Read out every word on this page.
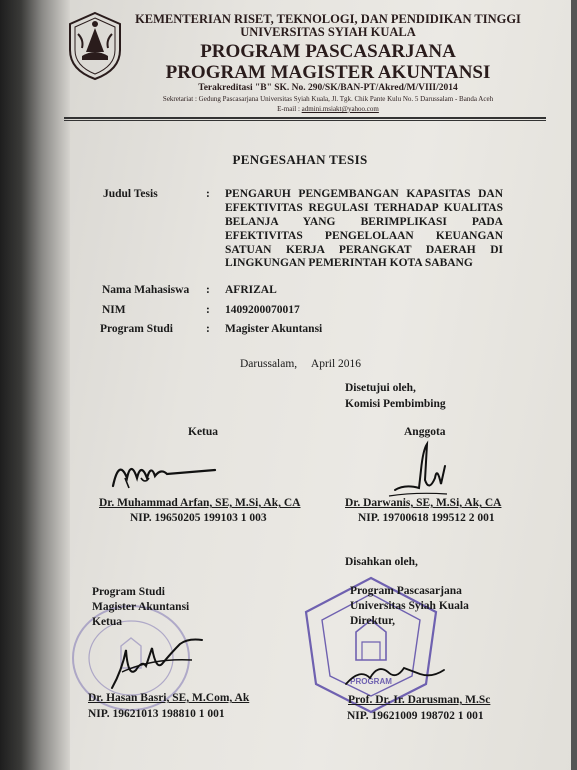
KEMENTERIAN RISET, TEKNOLOGI, DAN PENDIDIKAN TINGGI
UNIVERSITAS SYIAH KUALA
PROGRAM PASCASARJANA
PROGRAM MAGISTER AKUNTANSI
Terakreditasi "B" SK. No. 290/SK/BAN-PT/Akred/M/VIII/2014
Sekretariat : Gedung Pascasarjana Universitas Syiah Kuala, Jl. Tgk. Chik Pante Kulu No. 5 Darussalam - Banda Aceh
E-mail : admini.msiakt@yahoo.com
PENGESAHAN TESIS
Judul Tesis	: PENGARUH PENGEMBANGAN KAPASITAS DAN
EFEKTIVITAS REGULASI TERHADAP KUALITAS
BELANJA YANG BERIMPLIKASI PADA
EFEKTIVITAS PENGELOLAAN KEUANGAN
SATUAN KERJA PERANGKAT DAERAH DI
LINGKUNGAN PEMERINTAH KOTA SABANG
Nama Mahasiswa : AFRIZAL
NIM	: 1409200070017
Program Studi	: Magister Akuntansi
Darussalam,     April 2016
Disetujui oleh,
Komisi Pembimbing
Ketua	Anggota
Dr. Muhammad Arfan, SE, M.Si, Ak, CA
NIP. 19650205 199103 1 003
Dr. Darwanis, SE, M.Si, Ak, CA
NIP. 19700618 199512 2 001
Disahkan oleh,
PROGRAM
Program Studi
Magister Akuntansi
Ketua
Program Pascasarjana
Universitas Syiah Kuala
Direktur,
Dr. Hasan Basri, SE, M.Com, Ak
NIP. 19621013 198810 1 001
Prof. Dr. Ir. Darusman, M.Sc
NIP. 19621009 198702 1 001
